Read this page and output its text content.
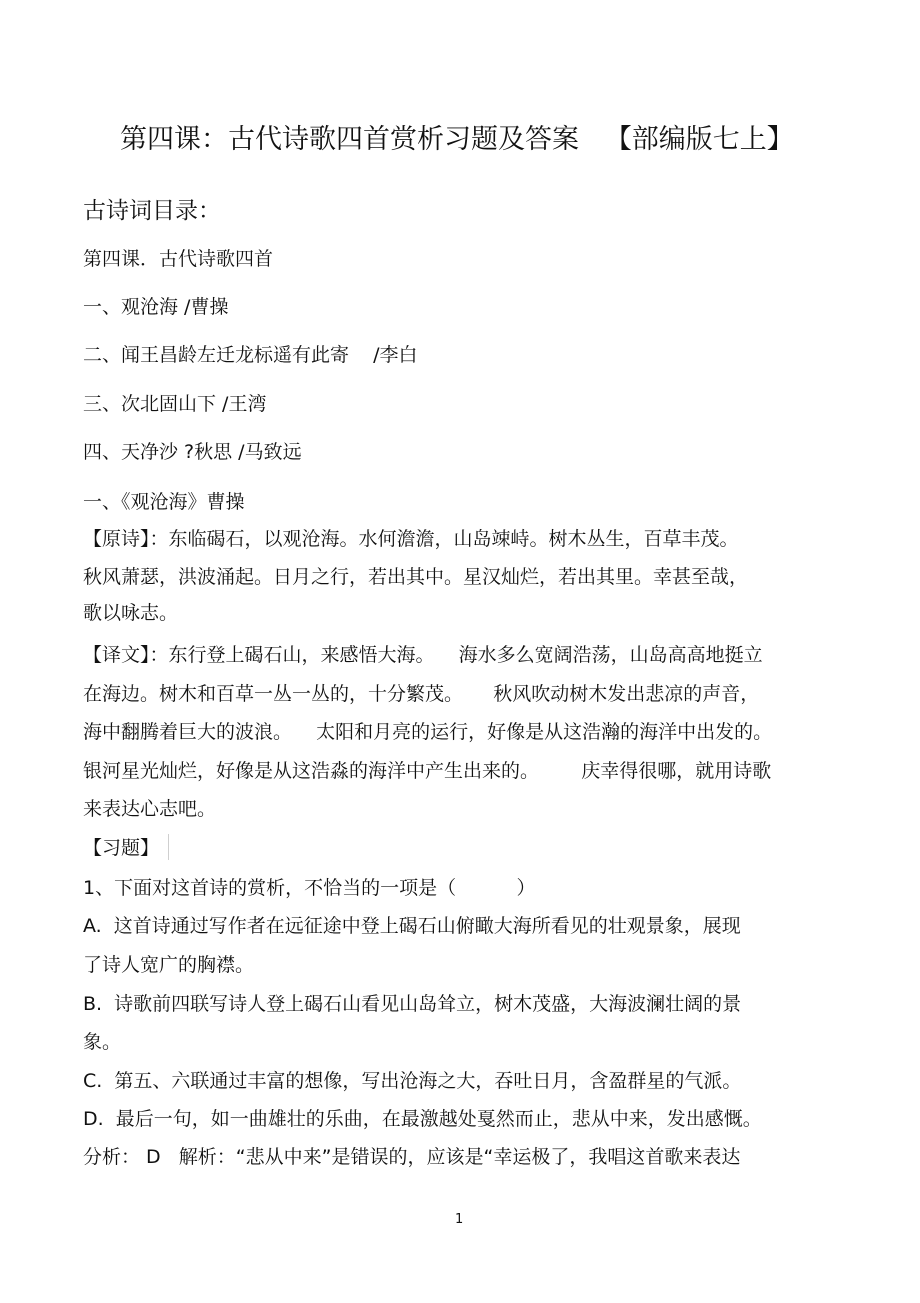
第四课：古代诗歌四首赏析习题及答案   【部编版七上】
古诗词目录：
第四课．古代诗歌四首
一、观沧海 /曹操
二、闻王昌龄左迁龙标遥有此寄    /李白
三、次北固山下 /王湾
四、天净沙 ?秋思 /马致远
一、《观沧海》曹操
【原诗】：东临碣石，以观沧海。水何澹澹，山岛竦峙。树木丛生，百草丰茂。
秋风萧瑟，洪波涌起。日月之行，若出其中。星汉灿烂，若出其里。幸甚至哉，
歌以咏志。
【译文】：东行登上碣石山，来感悟大海。    海水多么宽阔浩荡，山岛高高地挺立
在海边。树木和百草一丛一丛的，十分繁茂。     秋风吹动树木发出悲凉的声音，
海中翻腾着巨大的波浪。    太阳和月亮的运行，好像是从这浩瀚的海洋中出发的。
银河星光灿烂，好像是从这浩淼的海洋中产生出来的。       庆幸得很哪，就用诗歌
来表达心志吧。
【习题】
1、下面对这首诗的赏析，不恰当的一项是（          ）
A.  这首诗通过写作者在远征途中登上碣石山俯瞰大海所看见的壮观景象，展现
了诗人宽广的胸襟。
B.  诗歌前四联写诗人登上碣石山看见山岛耸立，树木茂盛，大海波澜壮阔的景
象。
C.  第五、六联通过丰富的想像，写出沧海之大，吞吐日月，含盈群星的气派。
D.  最后一句，如一曲雄壮的乐曲，在最激越处戛然而止，悲从中来，发出感慨。
分析： D   解析：“悲从中来”是错误的，应该是“幸运极了，我唱这首歌来表达
1
